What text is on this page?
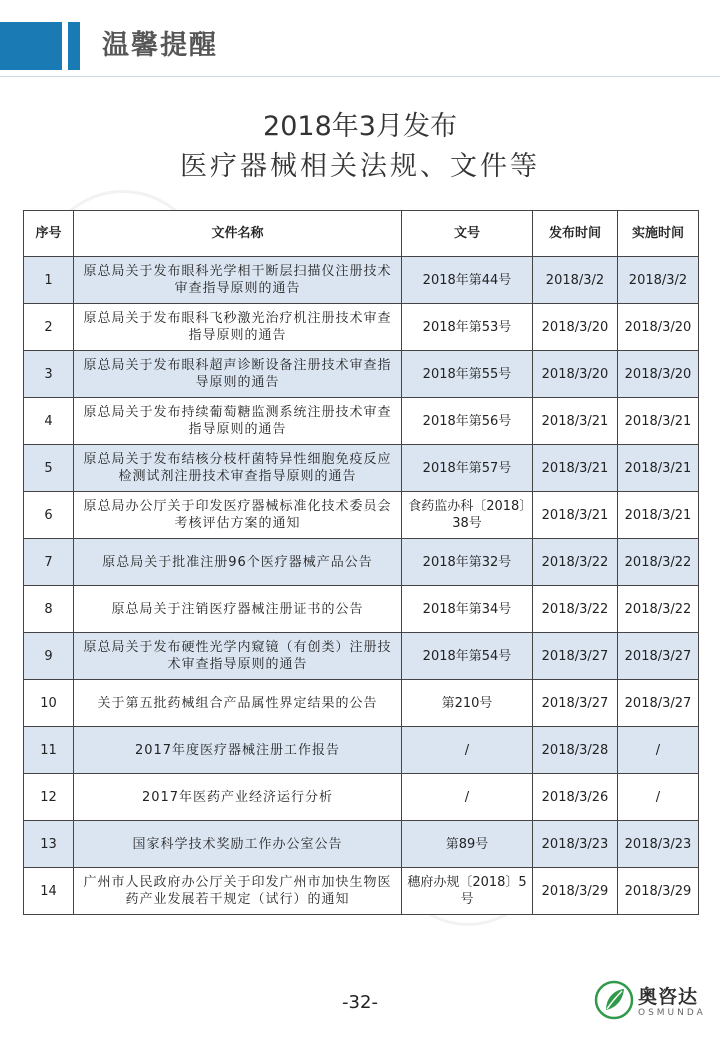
温馨提醒
2018年3月发布
医疗器械相关法规、文件等
序号	文件名称	文号	发布时间	实施时间
1	原总局关于发布眼科光学相干断层扫描仪注册技术审查指导原则的通告	2018年第44号	2018/3/2	2018/3/2
2	原总局关于发布眼科飞秒激光治疗机注册技术审查指导原则的通告	2018年第53号	2018/3/20	2018/3/20
3	原总局关于发布眼科超声诊断设备注册技术审查指导原则的通告	2018年第55号	2018/3/20	2018/3/20
4	原总局关于发布持续葡萄糖监测系统注册技术审查指导原则的通告	2018年第56号	2018/3/21	2018/3/21
5	原总局关于发布结核分枝杆菌特异性细胞免疫反应检测试剂注册技术审查指导原则的通告	2018年第57号	2018/3/21	2018/3/21
6	原总局办公厅关于印发医疗器械标准化技术委员会考核评估方案的通知	食药监办科〔2018〕38号	2018/3/21	2018/3/21
7	原总局关于批准注册96个医疗器械产品公告	2018年第32号	2018/3/22	2018/3/22
8	原总局关于注销医疗器械注册证书的公告	2018年第34号	2018/3/22	2018/3/22
9	原总局关于发布硬性光学内窥镜（有创类）注册技术审查指导原则的通告	2018年第54号	2018/3/27	2018/3/27
10	关于第五批药械组合产品属性界定结果的公告	第210号	2018/3/27	2018/3/27
11	2017年度医疗器械注册工作报告	/	2018/3/28	/
12	2017年医药产业经济运行分析	/	2018/3/26	/
13	国家科学技术奖励工作办公室公告	第89号	2018/3/23	2018/3/23
14	广州市人民政府办公厅关于印发广州市加快生物医药产业发展若干规定（试行）的通知	穗府办规〔2018〕5号	2018/3/29	2018/3/29
-32-	奥咨达
OSMUNDA
